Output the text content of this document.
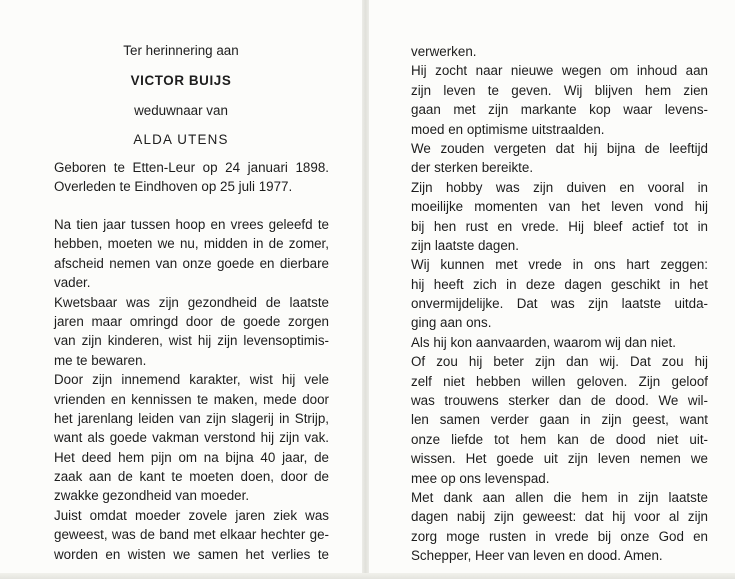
Ter herinnering aan
VICTOR BUIJS
weduwnaar van
ALDA UTENS
Geboren te Etten-Leur op 24 januari 1898.
Overleden te Eindhoven op 25 juli 1977.
Na tien jaar tussen hoop en vrees geleefd te
hebben, moeten we nu, midden in de zomer,
afscheid nemen van onze goede en dierbare
vader.
Kwetsbaar was zijn gezondheid de laatste
jaren maar omringd door de goede zorgen
van zijn kinderen, wist hij zijn levensoptimis-
me te bewaren.
Door zijn innemend karakter, wist hij vele
vrienden en kennissen te maken, mede door
het jarenlang leiden van zijn slagerij in Strijp,
want als goede vakman verstond hij zijn vak.
Het deed hem pijn om na bijna 40 jaar, de
zaak aan de kant te moeten doen, door de
zwakke gezondheid van moeder.
Juist omdat moeder zovele jaren ziek was
geweest, was de band met elkaar hechter ge-
worden en wisten we samen het verlies te
verwerken.
Hij zocht naar nieuwe wegen om inhoud aan
zijn leven te geven. Wij blijven hem zien
gaan met zijn markante kop waar levens-
moed en optimisme uitstraalden.
We zouden vergeten dat hij bijna de leeftijd
der sterken bereikte.
Zijn hobby was zijn duiven en vooral in
moeilijke momenten van het leven vond hij
bij hen rust en vrede. Hij bleef actief tot in
zijn laatste dagen.
Wij kunnen met vrede in ons hart zeggen:
hij heeft zich in deze dagen geschikt in het
onvermijdelijke. Dat was zijn laatste uitda-
ging aan ons.
Als hij kon aanvaarden, waarom wij dan niet.
Of zou hij beter zijn dan wij. Dat zou hij
zelf niet hebben willen geloven. Zijn geloof
was trouwens sterker dan de dood. We wil-
len samen verder gaan in zijn geest, want
onze liefde tot hem kan de dood niet uit-
wissen. Het goede uit zijn leven nemen we
mee op ons levenspad.
Met dank aan allen die hem in zijn laatste
dagen nabij zijn geweest: dat hij voor al zijn
zorg moge rusten in vrede bij onze God en
Schepper, Heer van leven en dood. Amen.
